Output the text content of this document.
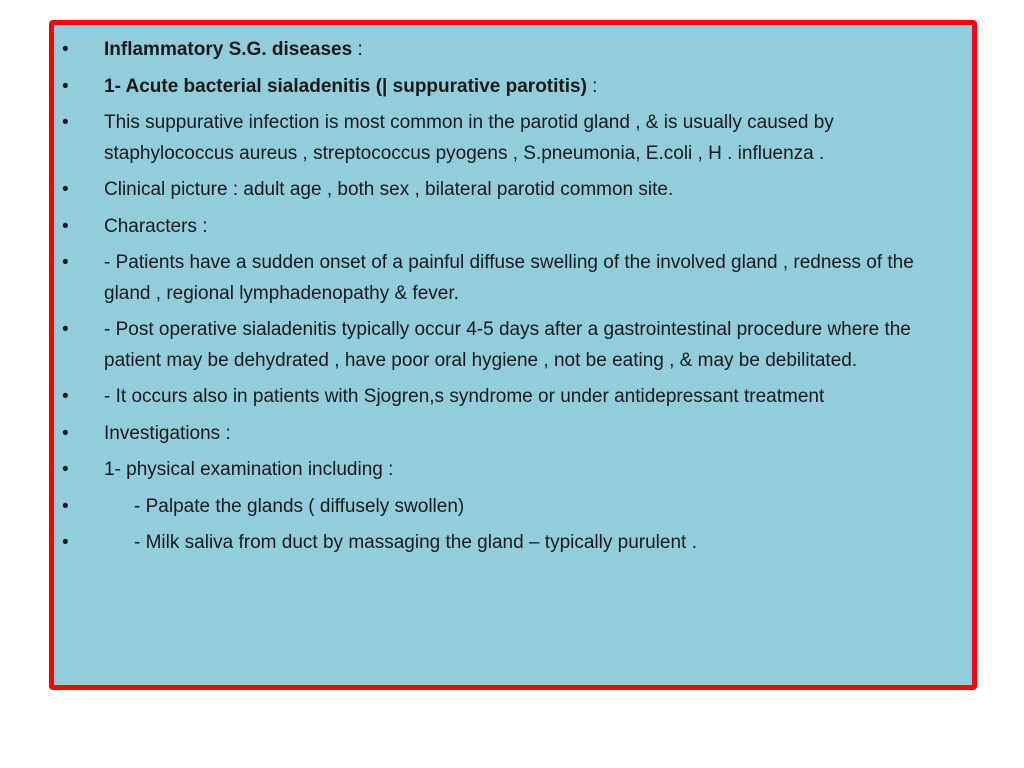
• Inflammatory S.G. diseases :
• 1- Acute bacterial sialadenitis (| suppurative parotitis) :
• This suppurative infection is most common in the parotid gland , & is usually caused by staphylococcus aureus , streptococcus pyogens , S.pneumonia, E.coli , H . influenza .
• Clinical picture : adult age , both sex , bilateral parotid common site.
• Characters :
• - Patients have a sudden onset of a painful diffuse swelling of the involved gland , redness of the gland , regional lymphadenopathy & fever.
• - Post operative sialadenitis typically occur 4-5 days after a gastrointestinal procedure where the patient may be dehydrated , have poor oral hygiene , not be eating , & may be debilitated.
• - It occurs also in patients with Sjogren,s syndrome or under antidepressant treatment
• Investigations :
• 1- physical examination including :
•	- Palpate the glands ( diffusely swollen)
•	- Milk saliva from duct by massaging the gland – typically purulent .
